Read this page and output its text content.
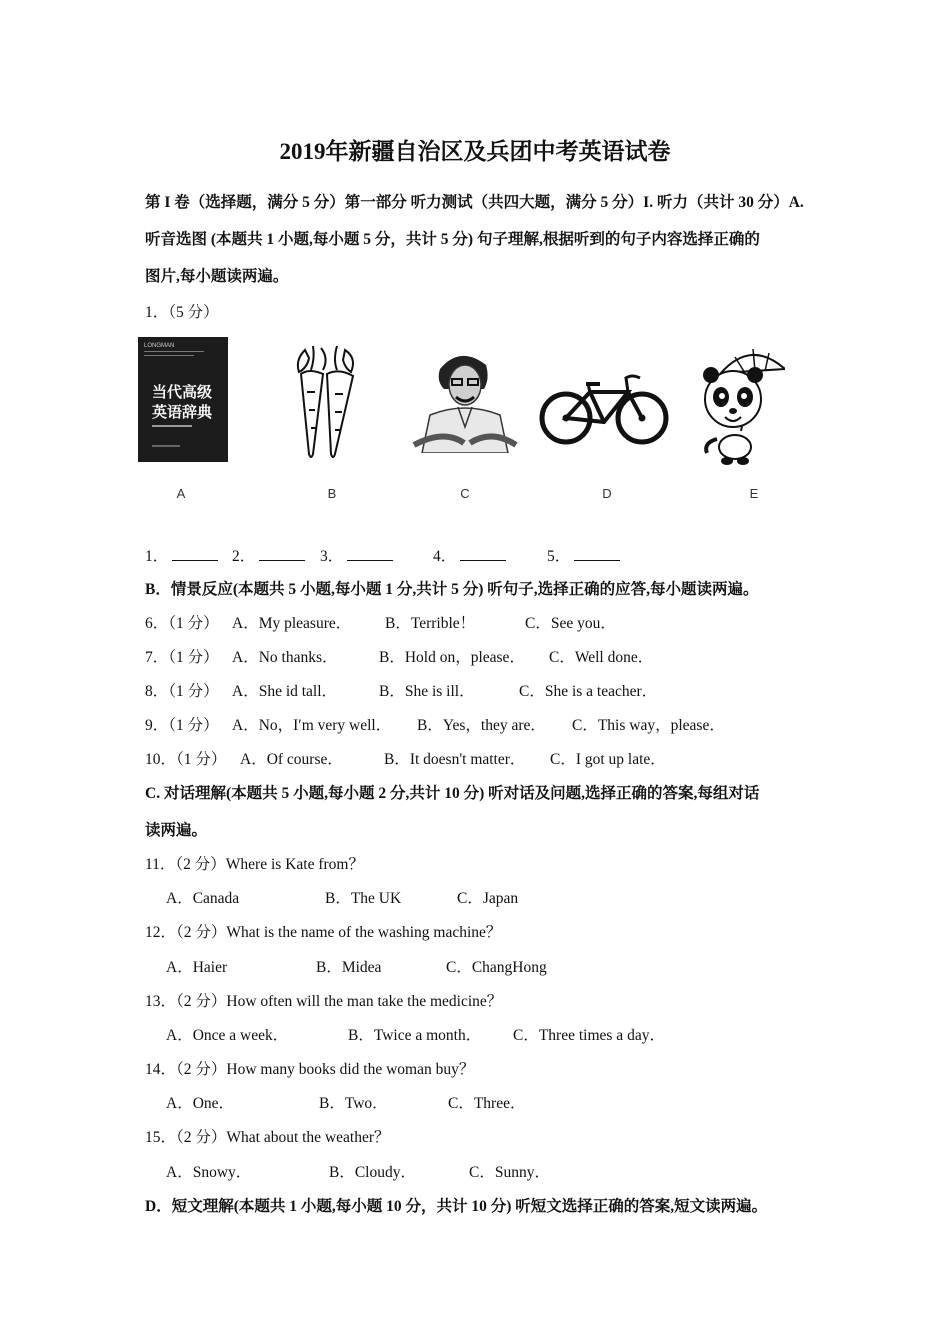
2019年新疆自治区及兵团中考英语试卷
第 I 卷（选择题，满分 5 分）第一部分 听力测试（共四大题，满分 5 分）I. 听力（共计 30 分）A.
听音选图 (本题共 1 小题,每小题 5 分，共计 5 分) 句子理解,根据听到的句子内容选择正确的
图片,每小题读两遍。
1．（5 分）
LONGMAN
当代高级
英语辞典
A	B	C	D	E
1．	2．	3．	4．	5．
B．情景反应(本题共 5 小题,每小题 1 分,共计 5 分) 听句子,选择正确的应答,每小题读两遍。
6．（1 分） A．My pleasure． B．Terrible！	C．See you．
7．（1 分） A．No thanks．	B．Hold on，please． C．Well done．
8．（1 分） A．She id tall．	B．She is ill．	C．She is a teacher．
9．（1 分） A．No，I′m very well． B．Yes，they are． C．This way，please．
10．（1 分） A．Of course．	B．It doesn't matter． C．I got up late．
C. 对话理解(本题共 5 小题,每小题 2 分,共计 10 分) 听对话及问题,选择正确的答案,每组对话
读两遍。
11．（2 分）Where is Kate from？
A．Canada	B．The UK	C．Japan
12．（2 分）What is the name of the washing machine？
A．Haier	B．Midea	C．ChangHong
13．（2 分）How often will the man take the medicine？
A．Once a week．	B．Twice a month． C．Three times a day．
14．（2 分）How many books did the woman buy？
A．One．	B．Two．	C．Three．
15．（2 分）What about the weather？
A．Snowy．	B．Cloudy．	C．Sunny．
D．短文理解(本题共 1 小题,每小题 10 分，共计 10 分) 听短文选择正确的答案,短文读两遍。
